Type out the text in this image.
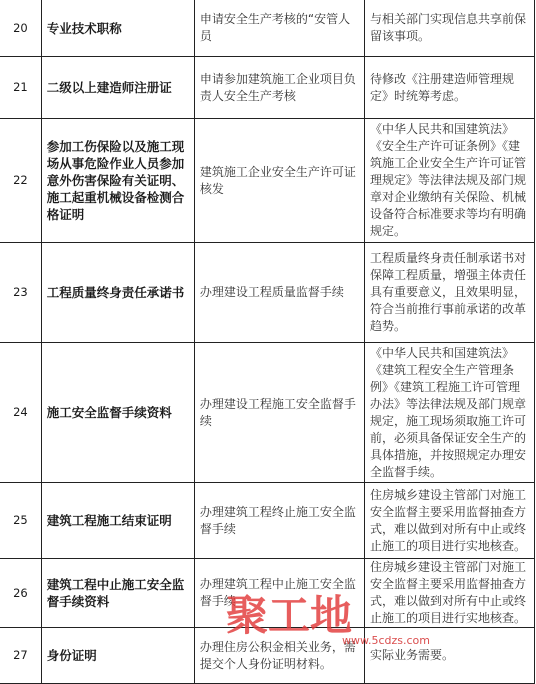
20	专业技术职称	申请安全生产考核的“安管人员	与相关部门实现信息共享前保留该事项。
21	二级以上建造师注册证	申请参加建筑施工企业项目负责人安全生产考核	待修改《注册建造师管理规定》时统筹考虑。
22	参加工伤保险以及施工现场从事危险作业人员参加意外伤害保险有关证明、施工起重机械设备检测合格证明	建筑施工企业安全生产许可证核发	《中华人民共和国建筑法》《安全生产许可证条例》《建筑施工企业安全生产许可证管理规定》等法律法规及部门规章对企业缴纳有关保险、机械设备符合标准要求等均有明确规定。
23	工程质量终身责任承诺书	办理建设工程质量监督手续	工程质量终身责任制承诺书对保障工程质量，增强主体责任具有重要意义，且效果明显，符合当前推行事前承诺的改革趋势。
24	施工安全监督手续资料	办理建设工程施工安全监督手续	《中华人民共和国建筑法》《建筑工程安全生产管理条例》《建筑工程施工许可管理办法》等法律法规及部门规章规定，施工现场须取施工许可前，必须具备保证安全生产的具体措施，并按照规定办理安全监督手续。
25	建筑工程施工结束证明	办理建筑工程终止施工安全监督手续	住房城乡建设主管部门对施工安全监督主要采用监督抽查方式，难以做到对所有中止或终止施工的项目进行实地核查。
26	建筑工程中止施工安全监督手续资料	办理建筑工程中止施工安全监督手续	住房城乡建设主管部门对施工安全监督主要采用监督抽查方式，难以做到对所有中止或终止施工的项目进行实地核查。
27	身份证明	办理住房公积金相关业务，需提交个人身份证明材料。	实际业务需要。
聚工地
www.5cdzs.com
